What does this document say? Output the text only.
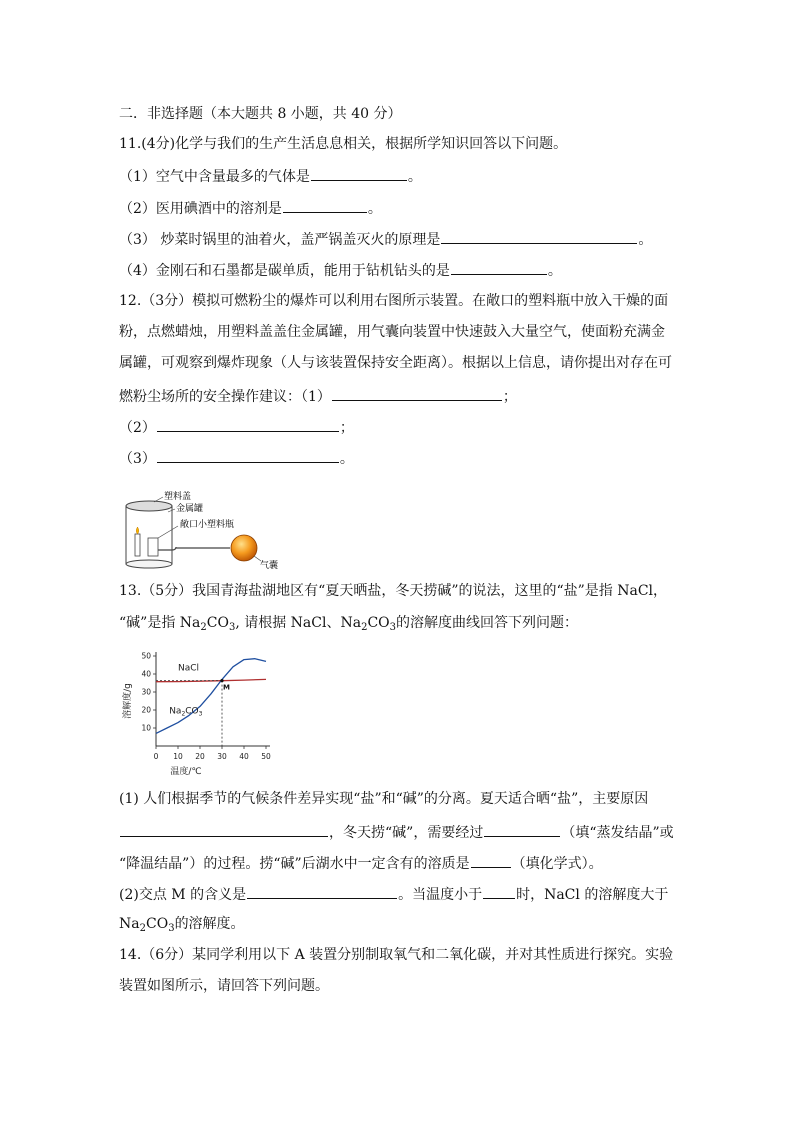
二．非选择题（本大题共 8 小题，共 40 分）
11.(4分)化学与我们的生产生活息息相关，根据所学知识回答以下问题。
（1）空气中含量最多的气体是	。
（2）医用碘酒中的溶剂是	。
（3） 炒菜时锅里的油着火，盖严锅盖灭火的原理是	。
（4）金刚石和石墨都是碳单质，能用于钻机钻头的是	。
12.（3分）模拟可燃粉尘的爆炸可以利用右图所示装置。在敞口的塑料瓶中放入干燥的面
粉，点燃蜡烛，用塑料盖盖住金属罐，用气囊向装置中快速鼓入大量空气，使面粉充满金
属罐，可观察到爆炸现象（人与该装置保持安全距离）。根据以上信息，请你提出对存在可
燃粉尘场所的安全操作建议：（1）	；
（2）	；
（3）	。
塑料盖
金属罐
敞口小塑料瓶
气囊
13.（5分）我国青海盐湖地区有“夏天晒盐，冬天捞碱”的说法，这里的“盐”是指 NaCl，
“碱”是指 $Na_2CO_3$, 请根据 NaCl、$Na_2CO_3$的溶解度曲线回答下列问题：
0 10 20 30 40 50
10
20
30
40
50
M
NaCl
$Na_2CO_3$
溶解度/g
温度/℃
(1) 人们根据季节的气候条件差异实现“盐”和“碱”的分离。夏天适合晒“盐”，主要原因
，冬天捞“碱”，需要经过	（填“蒸发结晶”或
“降温结晶”）的过程。捞“碱”后湖水中一定含有的溶质是	（填化学式）。
(2)交点 M 的含义是	。当温度小于 时，NaCl 的溶解度大于
$Na_2CO_3$的溶解度。
14.（6分）某同学利用以下 A 装置分别制取氧气和二氧化碳，并对其性质进行探究。实验
装置如图所示，请回答下列问题。
